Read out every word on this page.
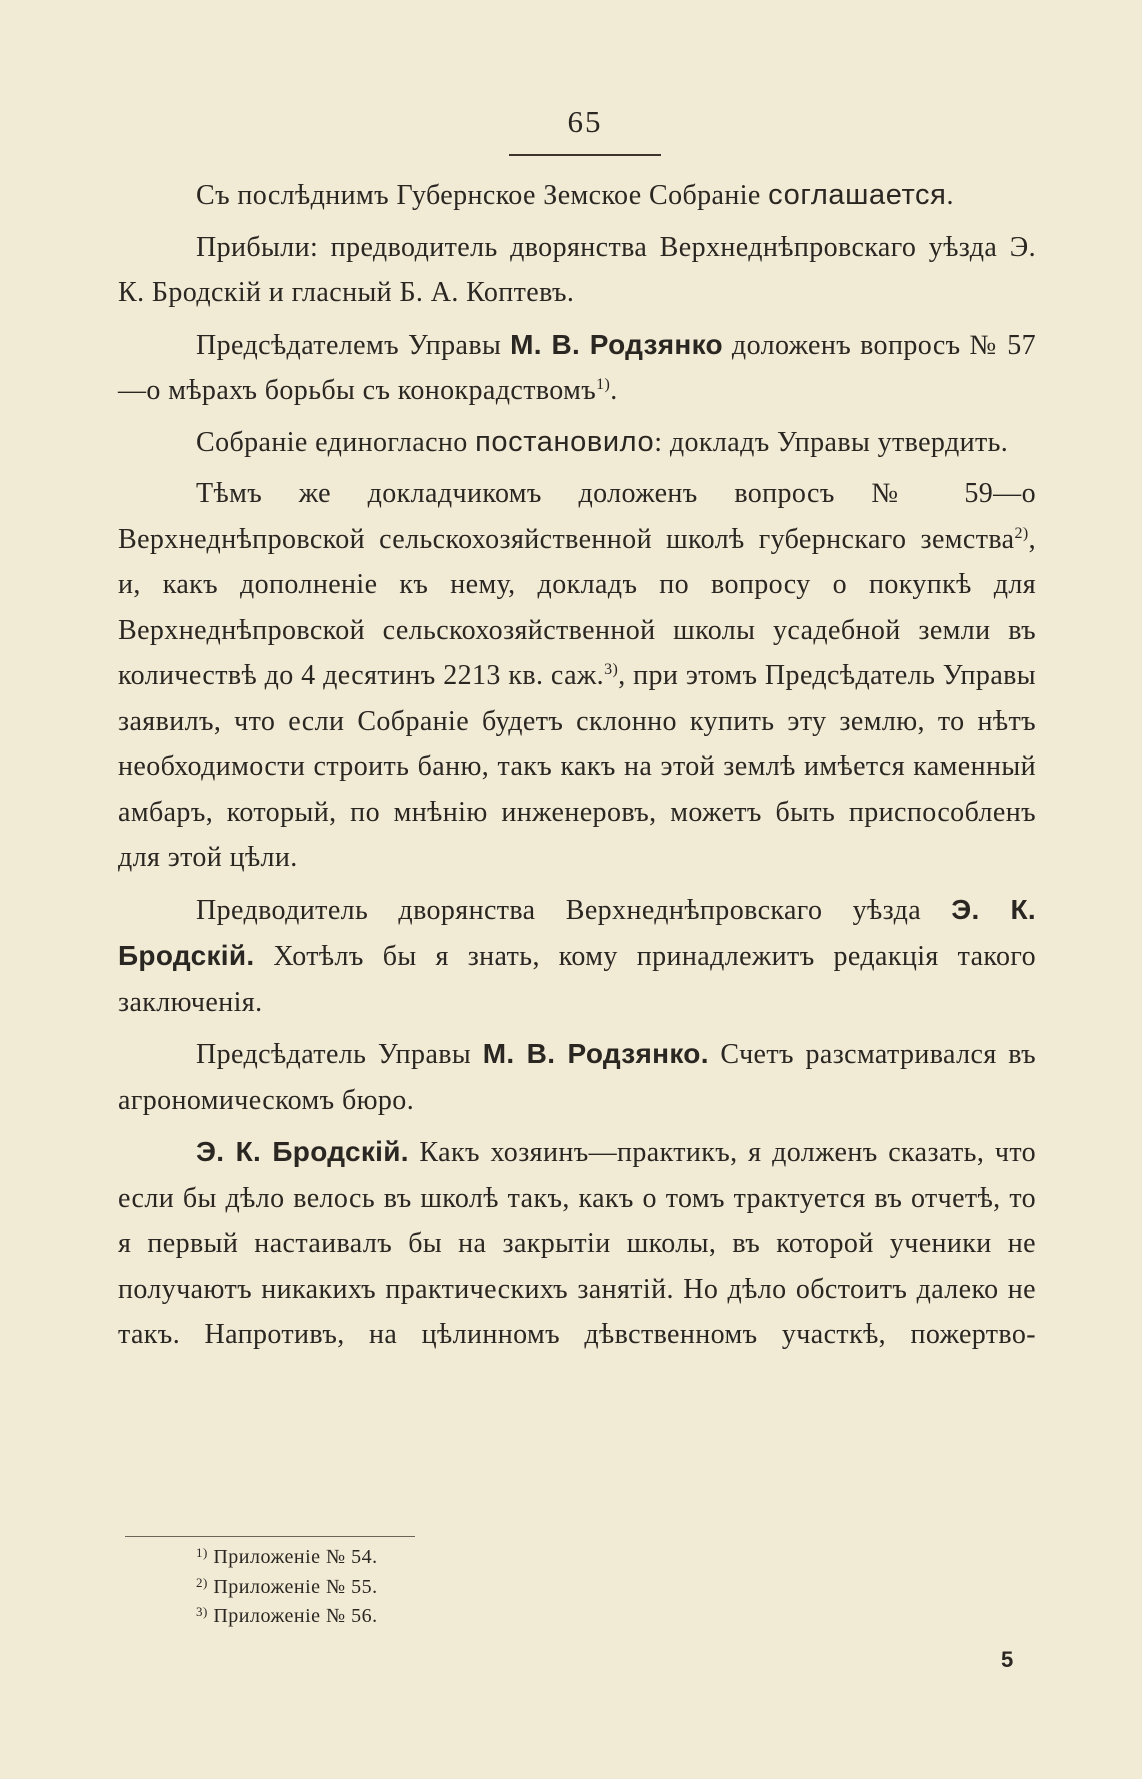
65

Съ послѣднимъ Губернское Земское Собраніе соглашается.

Прибыли: предводитель дворянства Верхнеднѣпровскаго уѣзда Э. К. Бродскій и гласный Б. А. Коптевъ.

Предсѣдателемъ Управы М. В. Родзянко доложенъ вопросъ № 57—о мѣрахъ борьбы съ конокрадствомъ$^{1)}$.

Собраніе единогласно постановило: докладъ Управы утвердить.

Тѣмъ же докладчикомъ доложенъ вопросъ № 59—о Верхнеднѣпровской сельскохозяйственной школѣ губернскаго земства$^{2)}$, и, какъ дополненіе къ нему, докладъ по вопросу о покупкѣ для Верхнеднѣпровской сельскохозяйственной школы усадебной земли въ количествѣ до 4 десятинъ 2213 кв. саж.$^{3)}$, при этомъ Предсѣдатель Управы заявилъ, что если Собраніе будетъ склонно купить эту землю, то нѣтъ необходимости строить баню, такъ какъ на этой землѣ имѣется каменный амбаръ, который, по мнѣнію инженеровъ, можетъ быть приспособленъ для этой цѣли.

Предводитель дворянства Верхнеднѣпровскаго уѣзда Э. К. Бродскій. Хотѣлъ бы я знать, кому принадлежитъ редакція такого заключенія.

Предсѣдатель Управы М. В. Родзянко. Счетъ разсматривался въ агрономическомъ бюро.

Э. К. Бродскій. Какъ хозяинъ—практикъ, я долженъ сказать, что если бы дѣло велось въ школѣ такъ, какъ о томъ трактуется въ отчетѣ, то я первый настаивалъ бы на закрытіи школы, въ которой ученики не получаютъ никакихъ практическихъ занятій. Но дѣло обстоитъ далеко не такъ. Напротивъ, на цѣлинномъ дѣвственномъ участкѣ, пожертво-

$^{1)}$ Приложеніе № 54.
$^{2)}$ Приложеніе № 55.
$^{3)}$ Приложеніе № 56.
5
